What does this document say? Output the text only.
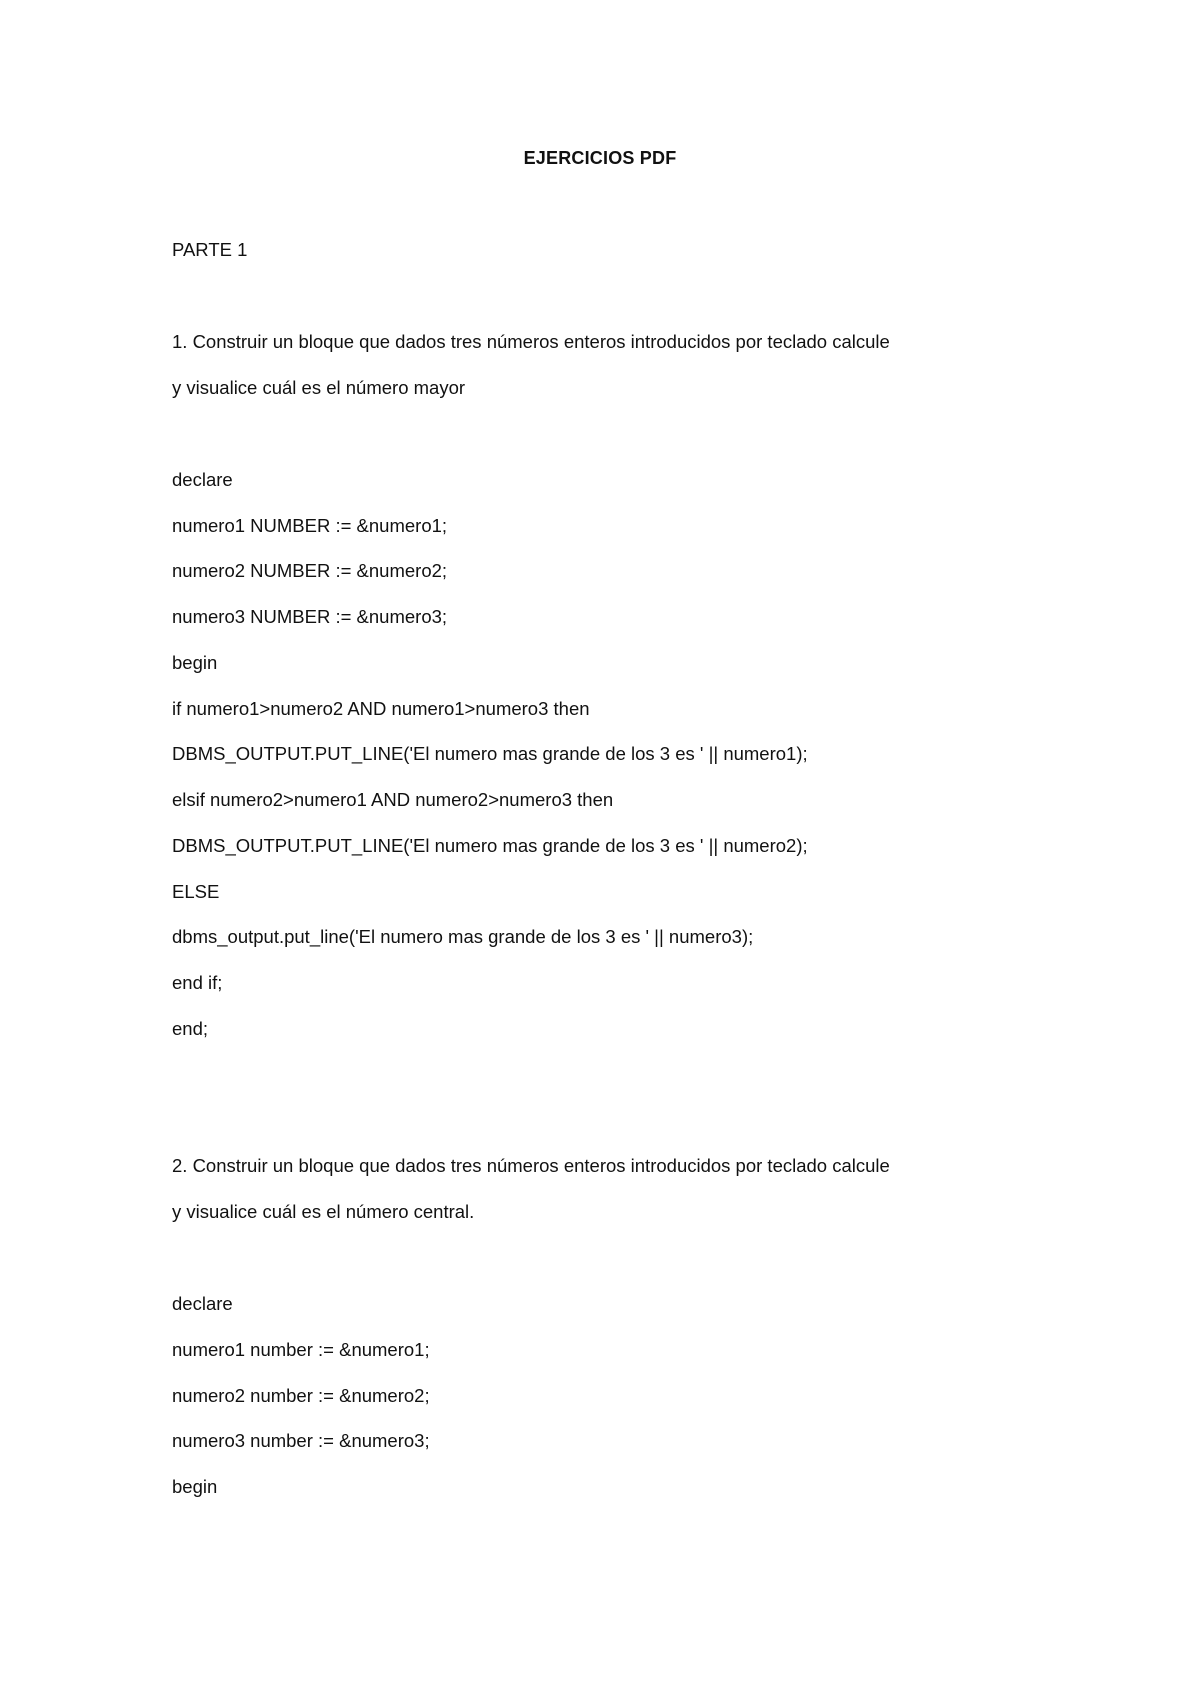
EJERCICIOS PDF
PARTE 1
1. Construir un bloque que dados tres números enteros introducidos por teclado calcule
y visualice cuál es el número mayor
declare
numero1 NUMBER := &numero1;
numero2 NUMBER := &numero2;
numero3 NUMBER := &numero3;
begin
if numero1>numero2 AND numero1>numero3 then
DBMS_OUTPUT.PUT_LINE('El numero mas grande de los 3 es ' || numero1);
elsif numero2>numero1 AND numero2>numero3 then
DBMS_OUTPUT.PUT_LINE('El numero mas grande de los 3 es ' || numero2);
ELSE
dbms_output.put_line('El numero mas grande de los 3 es ' || numero3);
end if;
end;
2. Construir un bloque que dados tres números enteros introducidos por teclado calcule
y visualice cuál es el número central.
declare
numero1 number := &numero1;
numero2 number := &numero2;
numero3 number := &numero3;
begin
